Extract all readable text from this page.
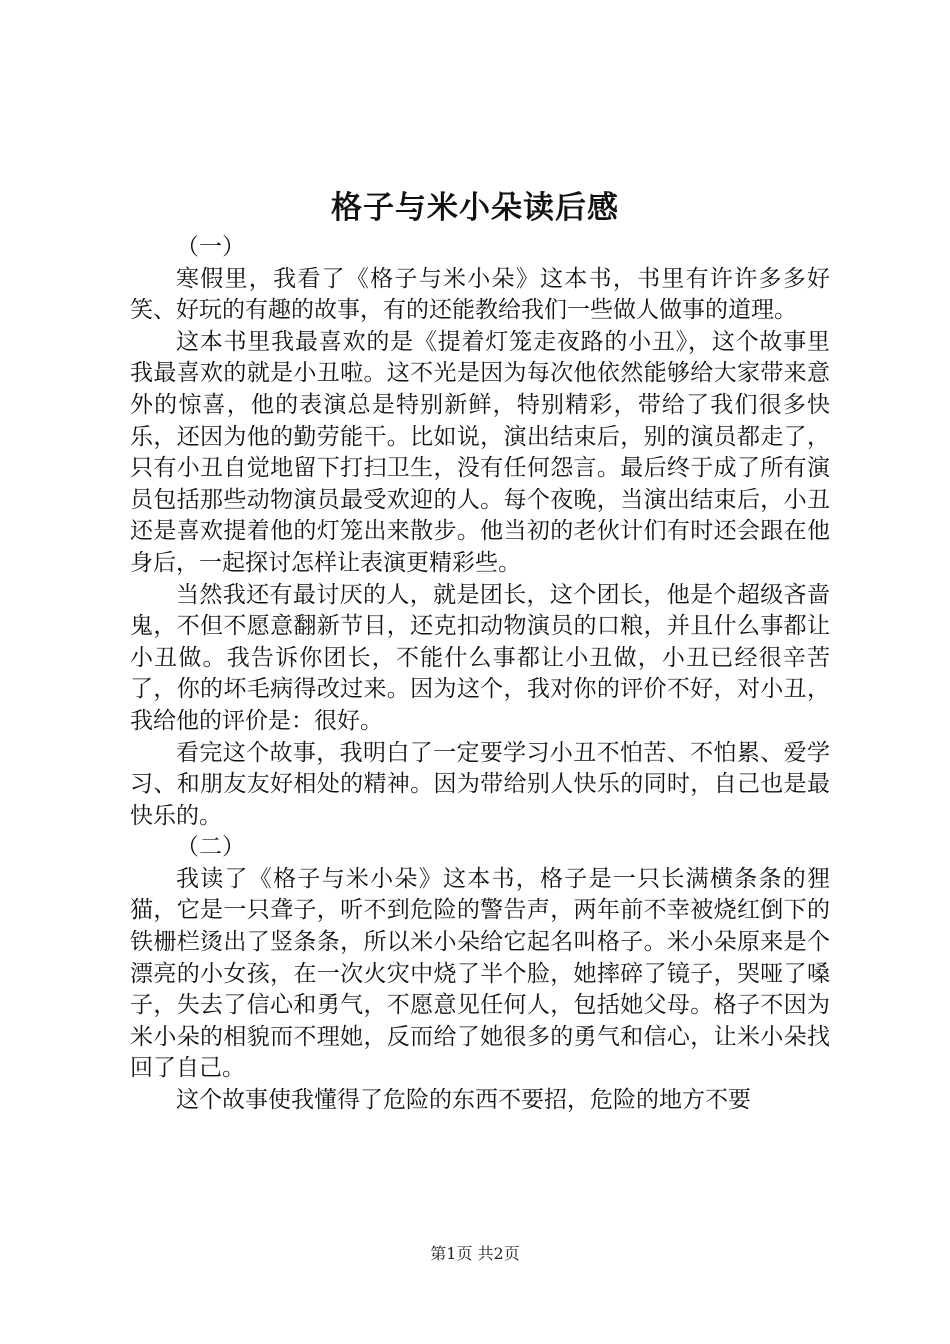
格子与米小朵读后感

（一）

寒假里，我看了《格子与米小朵》这本书，书里有许许多多好笑、好玩的有趣的故事，有的还能教给我们一些做人做事的道理。

这本书里我最喜欢的是《提着灯笼走夜路的小丑》，这个故事里我最喜欢的就是小丑啦。这不光是因为每次他依然能够给大家带来意外的惊喜，他的表演总是特别新鲜，特别精彩，带给了我们很多快乐，还因为他的勤劳能干。比如说，演出结束后，别的演员都走了，只有小丑自觉地留下打扫卫生，没有任何怨言。最后终于成了所有演员包括那些动物演员最受欢迎的人。每个夜晚，当演出结束后，小丑还是喜欢提着他的灯笼出来散步。他当初的老伙计们有时还会跟在他身后，一起探讨怎样让表演更精彩些。

当然我还有最讨厌的人，就是团长，这个团长，他是个超级吝啬鬼，不但不愿意翻新节目，还克扣动物演员的口粮，并且什么事都让小丑做。我告诉你团长，不能什么事都让小丑做，小丑已经很辛苦了，你的坏毛病得改过来。因为这个，我对你的评价不好，对小丑，我给他的评价是：很好。

看完这个故事，我明白了一定要学习小丑不怕苦、不怕累、爱学习、和朋友友好相处的精神。因为带给别人快乐的同时，自己也是最快乐的。

（二）

我读了《格子与米小朵》这本书，格子是一只长满横条条的狸猫，它是一只聋子，听不到危险的警告声，两年前不幸被烧红倒下的铁栅栏烫出了竖条条，所以米小朵给它起名叫格子。米小朵原来是个漂亮的小女孩，在一次火灾中烧了半个脸，她摔碎了镜子，哭哑了嗓子，失去了信心和勇气，不愿意见任何人，包括她父母。格子不因为米小朵的相貌而不理她，反而给了她很多的勇气和信心，让米小朵找回了自己。

这个故事使我懂得了危险的东西不要招，危险的地方不要

第1页 共2页
